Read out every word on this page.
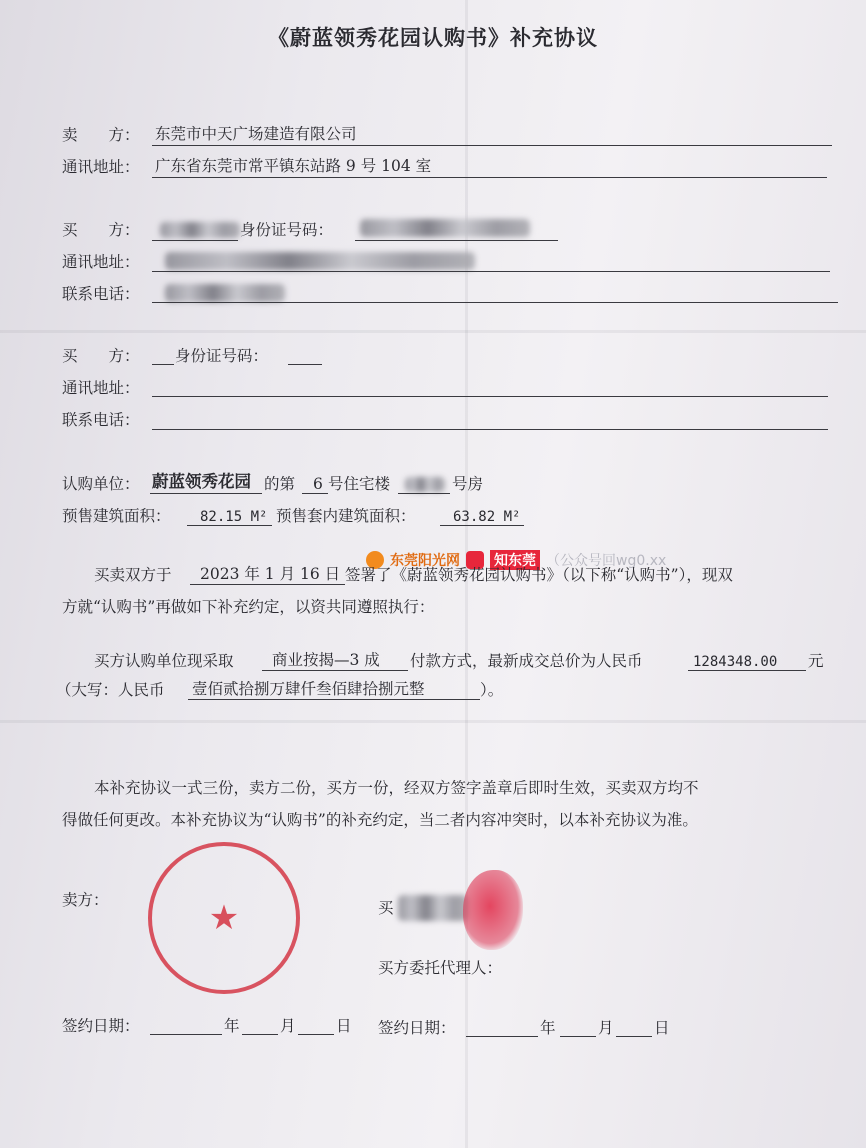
《蔚蓝领秀花园认购书》补充协议
卖　　方： 东莞市中天广场建造有限公司
通讯地址： 广东省东莞市常平镇东站路 9 号 104 室
买　　方：	身份证号码：
通讯地址：
联系电话：
买　　方： 身份证号码：
通讯地址：
联系电话：
认购单位： 蔚蓝领秀花园 的第 6 号住宅楼	号房
预售建筑面积： 82.15 M² 预售套内建筑面积：	63.82 M²
东莞阳光网 知东莞 （公众号回wg0.xx
买卖双方于 2023 年 1 月 16 日 签署了《蔚蓝领秀花园认购书》（以下称“认购书”），现双
方就“认购书”再做如下补充约定，以资共同遵照执行：
买方认购单位现采取 商业按揭—3 成 付款方式，最新成交总价为人民币	1284348.00 元
（大写：人民币 壹佰贰拾捌万肆仟叁佰肆拾捌元整	）。
本补充协议一式三份，卖方二份，买方一份，经双方签字盖章后即时生效，买卖双方均不
得做任何更改。本补充协议为“认购书”的补充约定，当二者内容冲突时，以本补充协议为准。
卖方：	★	买
买方委托代理人：
签约日期：	年	月	日 签约日期：	年	月	日
